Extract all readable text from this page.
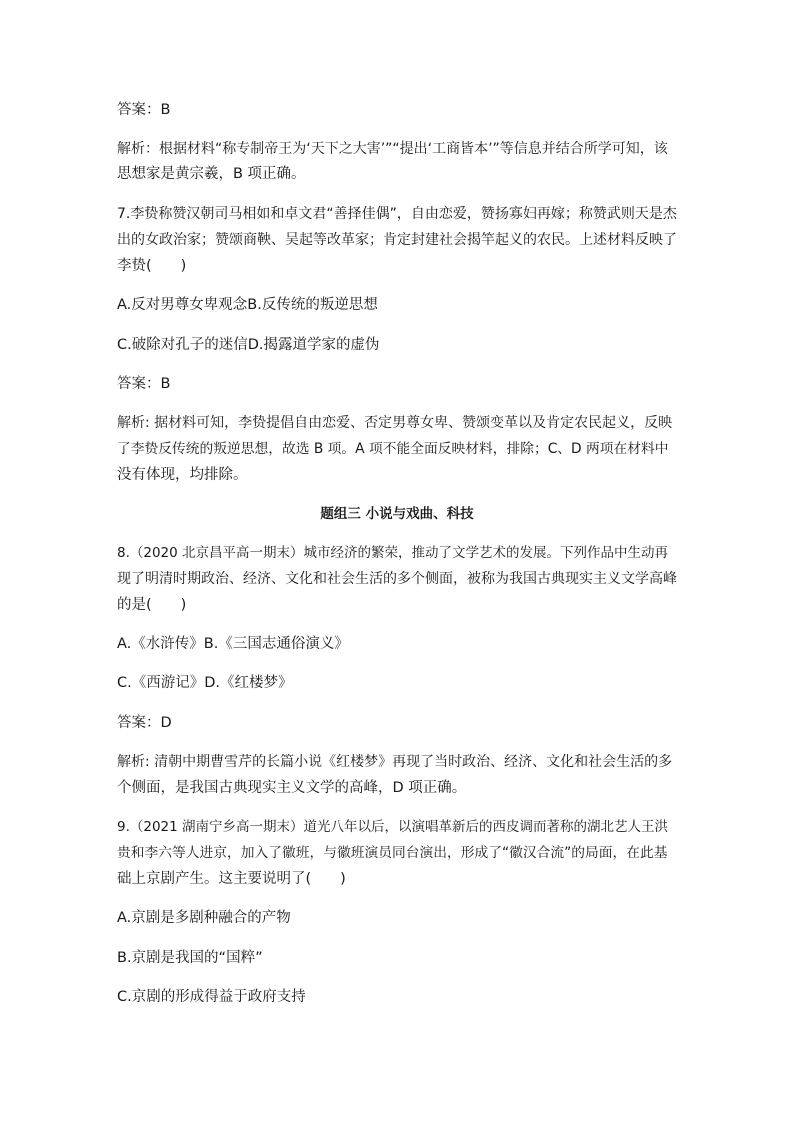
答案：B
解析：根据材料“称专制帝王为‘天下之大害’”“提出‘工商皆本’”等信息并结合所学可知，该
思想家是黄宗羲，B 项正确。
7.李贽称赞汉朝司马相如和卓文君“善择佳偶”，自由恋爱，赞扬寡妇再嫁；称赞武则天是杰
出的女政治家；赞颂商鞅、吴起等改革家；肯定封建社会揭竿起义的农民。上述材料反映了
李贽(　　)
A.反对男尊女卑观念B.反传统的叛逆思想
C.破除对孔子的迷信D.揭露道学家的虚伪
答案：B
解析: 据材料可知，李贽提倡自由恋爱、否定男尊女卑、赞颂变革以及肯定农民起义，反映
了李贽反传统的叛逆思想，故选 B 项。A 项不能全面反映材料，排除；C、D 两项在材料中
没有体现，均排除。
题组三 小说与戏曲、科技
8.（2020 北京昌平高一期末）城市经济的繁荣，推动了文学艺术的发展。下列作品中生动再
现了明清时期政治、经济、文化和社会生活的多个侧面，被称为我国古典现实主义文学高峰
的是(　　)
A.《水浒传》B.《三国志通俗演义》
C.《西游记》D.《红楼梦》
答案：D
解析: 清朝中期曹雪芹的长篇小说《红楼梦》再现了当时政治、经济、文化和社会生活的多
个侧面，是我国古典现实主义文学的高峰，D 项正确。
9.（2021 湖南宁乡高一期末）道光八年以后，以演唱革新后的西皮调而著称的湖北艺人王洪
贵和李六等人进京，加入了徽班，与徽班演员同台演出，形成了“徽汉合流”的局面，在此基
础上京剧产生。这主要说明了(　　)
A.京剧是多剧种融合的产物
B.京剧是我国的“国粹”
C.京剧的形成得益于政府支持
